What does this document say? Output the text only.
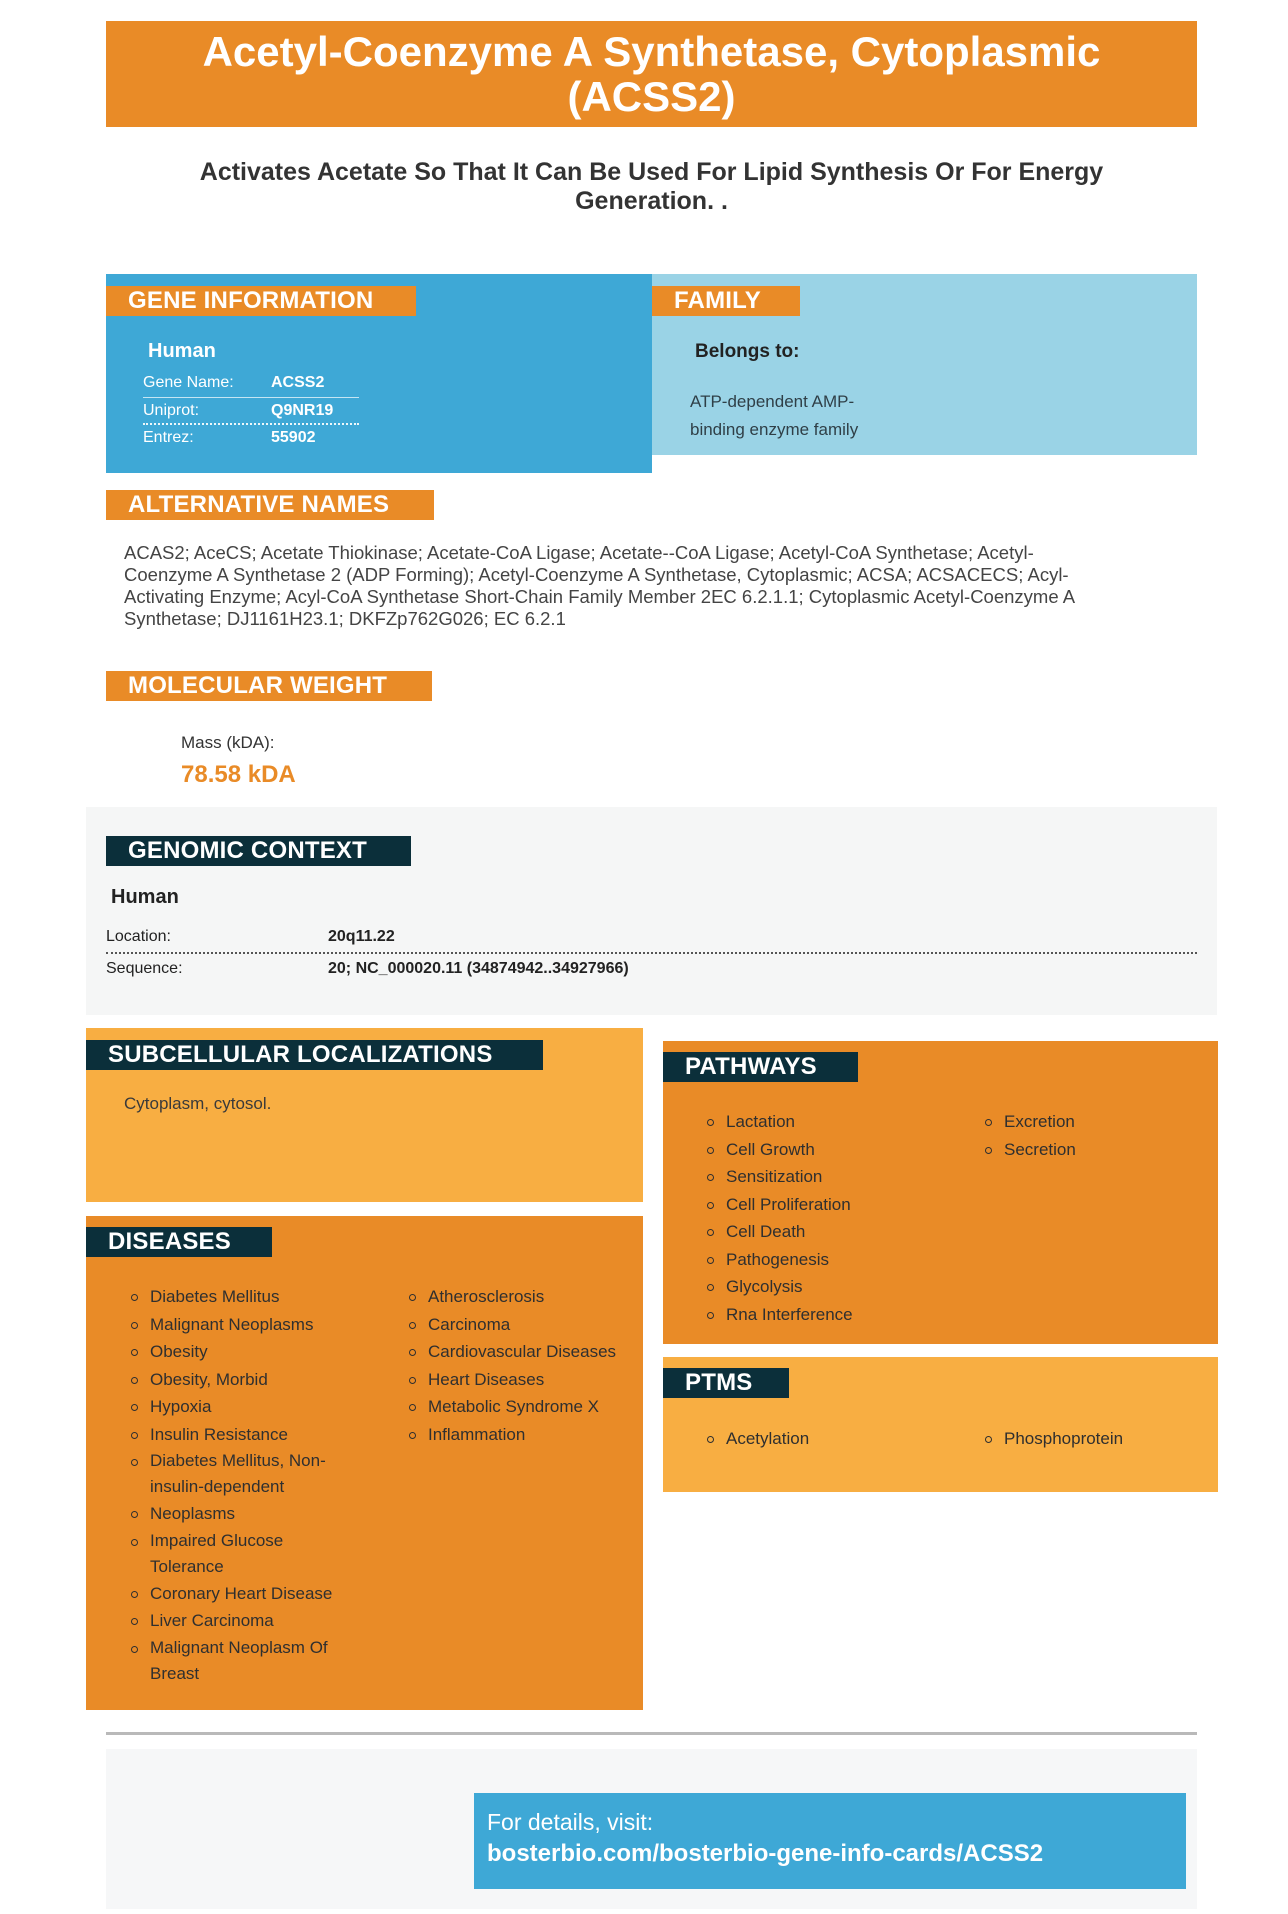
Acetyl-Coenzyme A Synthetase, Cytoplasmic
(ACSS2)
Activates Acetate So That It Can Be Used For Lipid Synthesis Or For Energy
Generation. .
GENE INFORMATION
Human
Gene Name: ACSS2
Uniprot:	Q9NR19
Entrez:	55902
FAMILY
Belongs to:
ATP-dependent AMP-
binding enzyme family
ALTERNATIVE NAMES
ACAS2; AceCS; Acetate Thiokinase; Acetate-CoA Ligase; Acetate--CoA Ligase; Acetyl-CoA Synthetase; Acetyl-
Coenzyme A Synthetase 2 (ADP Forming); Acetyl-Coenzyme A Synthetase, Cytoplasmic; ACSA; ACSACECS; Acyl-
Activating Enzyme; Acyl-CoA Synthetase Short-Chain Family Member 2EC 6.2.1.1; Cytoplasmic Acetyl-Coenzyme A
Synthetase; DJ1161H23.1; DKFZp762G026; EC 6.2.1
MOLECULAR WEIGHT
Mass (kDA):
78.58 kDA
GENOMIC CONTEXT
Human
Location:	20q11.22
Sequence:	20; NC_000020.11 (34874942..34927966)
SUBCELLULAR LOCALIZATIONS
Cytoplasm, cytosol.
DISEASES
Diabetes Mellitus
Malignant Neoplasms
Obesity
Obesity, Morbid
Hypoxia
Insulin Resistance
Diabetes Mellitus, Non-
insulin-dependent
Neoplasms
Impaired Glucose
Tolerance
Coronary Heart Disease
Liver Carcinoma
Malignant Neoplasm Of
Breast
Atherosclerosis
Carcinoma
Cardiovascular Diseases
Heart Diseases
Metabolic Syndrome X
Inflammation
PATHWAYS
Lactation
Cell Growth
Sensitization
Cell Proliferation
Cell Death
Pathogenesis
Glycolysis
Rna Interference
Excretion
Secretion
PTMS
Acetylation	Phosphoprotein
For details, visit:
bosterbio.com/bosterbio-gene-info-cards/ACSS2
